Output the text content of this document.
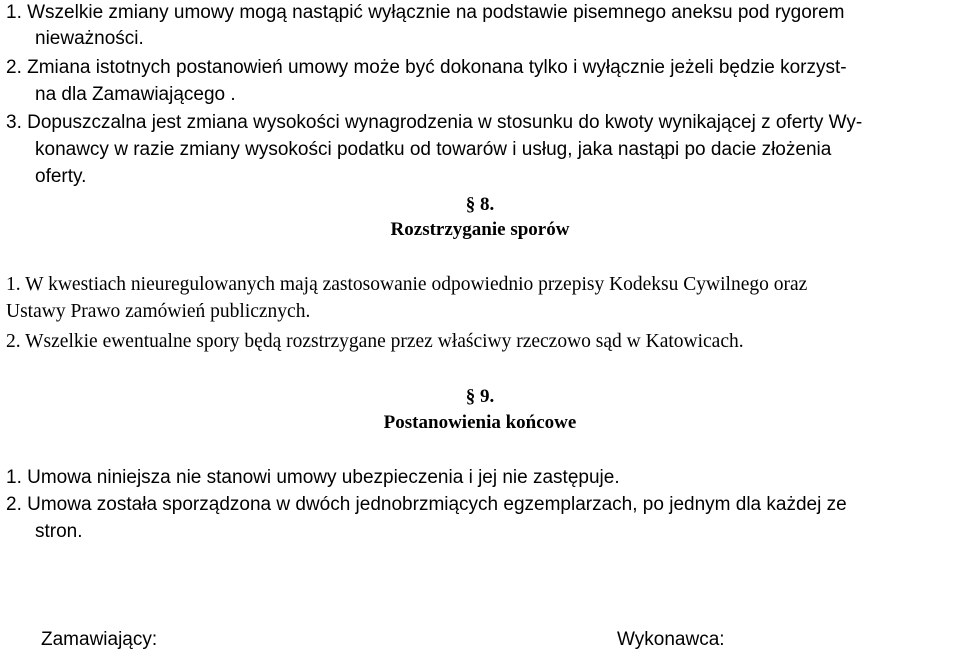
1. Wszelkie zmiany umowy mogą nastąpić wyłącznie na podstawie pisemnego aneksu pod rygorem
nieważności.
2. Zmiana istotnych postanowień umowy może być dokonana tylko i wyłącznie jeżeli będzie korzyst-
na dla Zamawiającego .
3. Dopuszczalna jest zmiana wysokości wynagrodzenia w stosunku do kwoty wynikającej z oferty Wy-
konawcy w razie zmiany wysokości podatku od towarów i usług, jaka nastąpi po dacie złożenia
oferty.
§ 8.
Rozstrzyganie sporów
1. W kwestiach nieuregulowanych mają zastosowanie odpowiednio przepisy Kodeksu Cywilnego oraz
Ustawy Prawo zamówień publicznych.
2. Wszelkie ewentualne spory będą rozstrzygane przez właściwy rzeczowo sąd w Katowicach.
§ 9.
Postanowienia końcowe
1. Umowa niniejsza nie stanowi umowy ubezpieczenia i jej nie zastępuje.
2. Umowa została sporządzona w dwóch jednobrzmiących egzemplarzach, po jednym dla każdej ze
stron.
Zamawiający:	Wykonawca:
